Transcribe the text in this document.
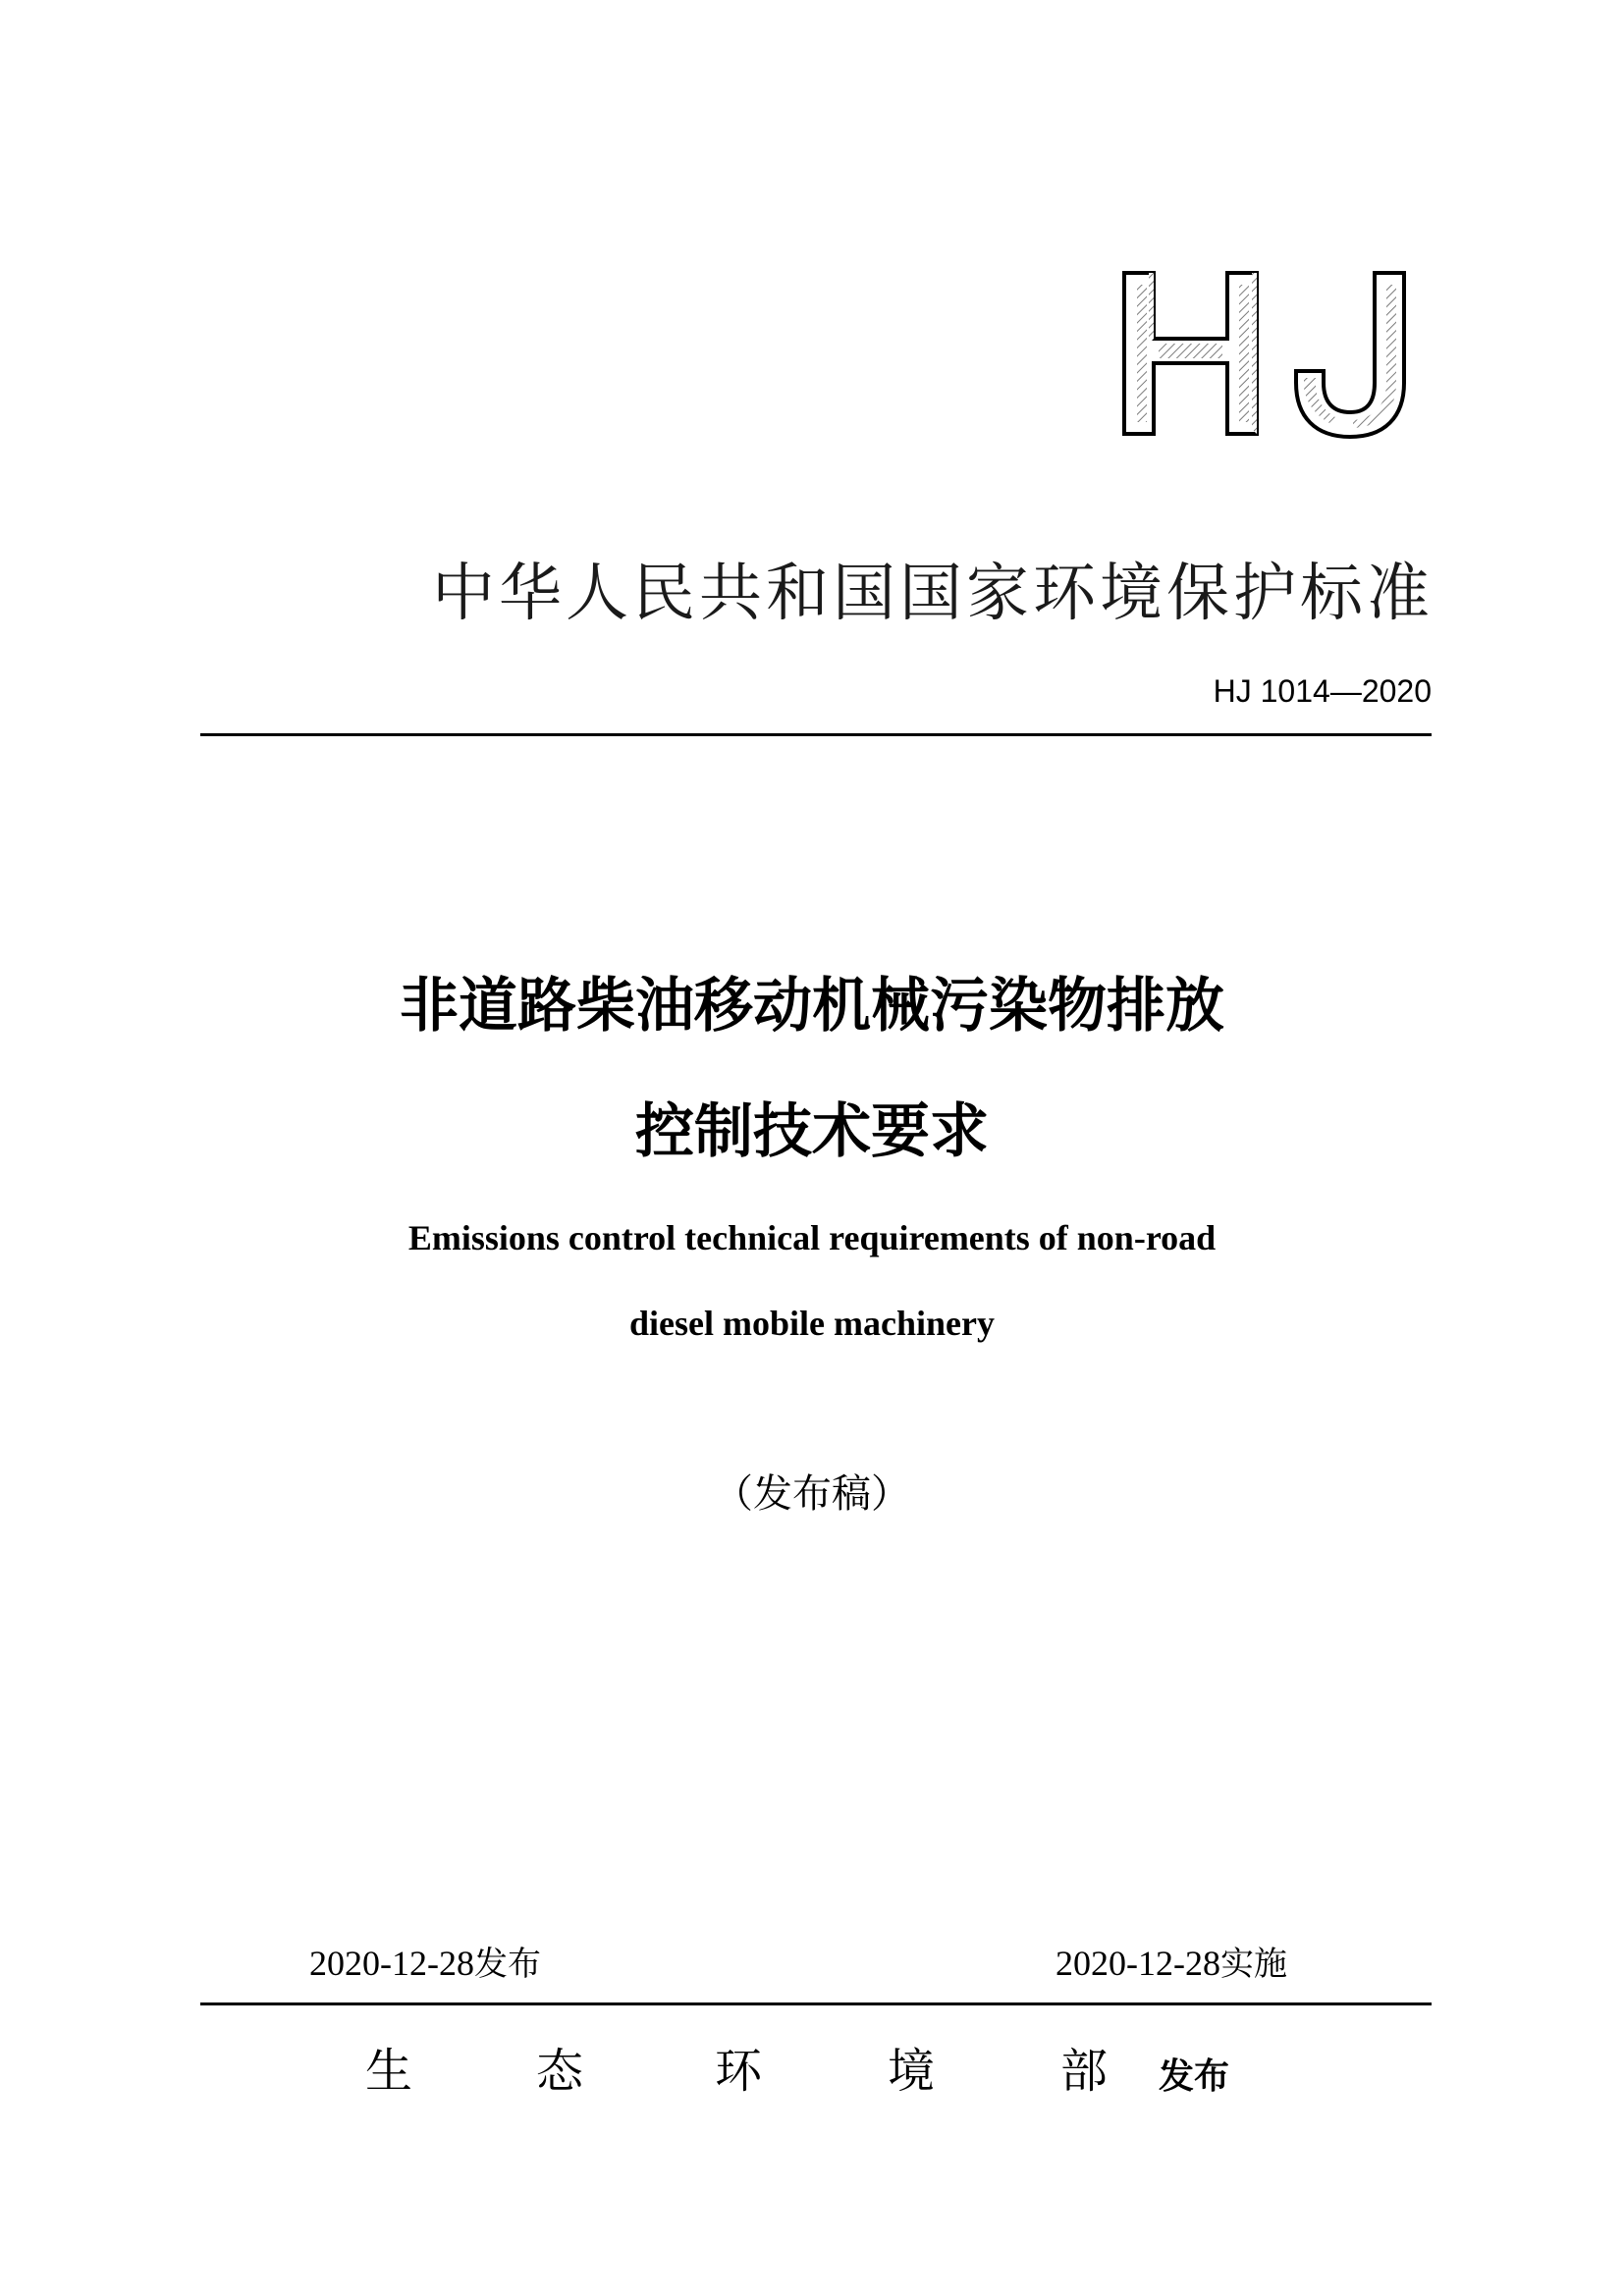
中华人民共和国国家环境保护标准
HJ 1014—2020
非道路柴油移动机械污染物排放
控制技术要求
Emissions control technical requirements of non-road
diesel mobile machinery
（发布稿）
2020-12-28发布	2020-12-28实施
生	态	环	境	部 发布
